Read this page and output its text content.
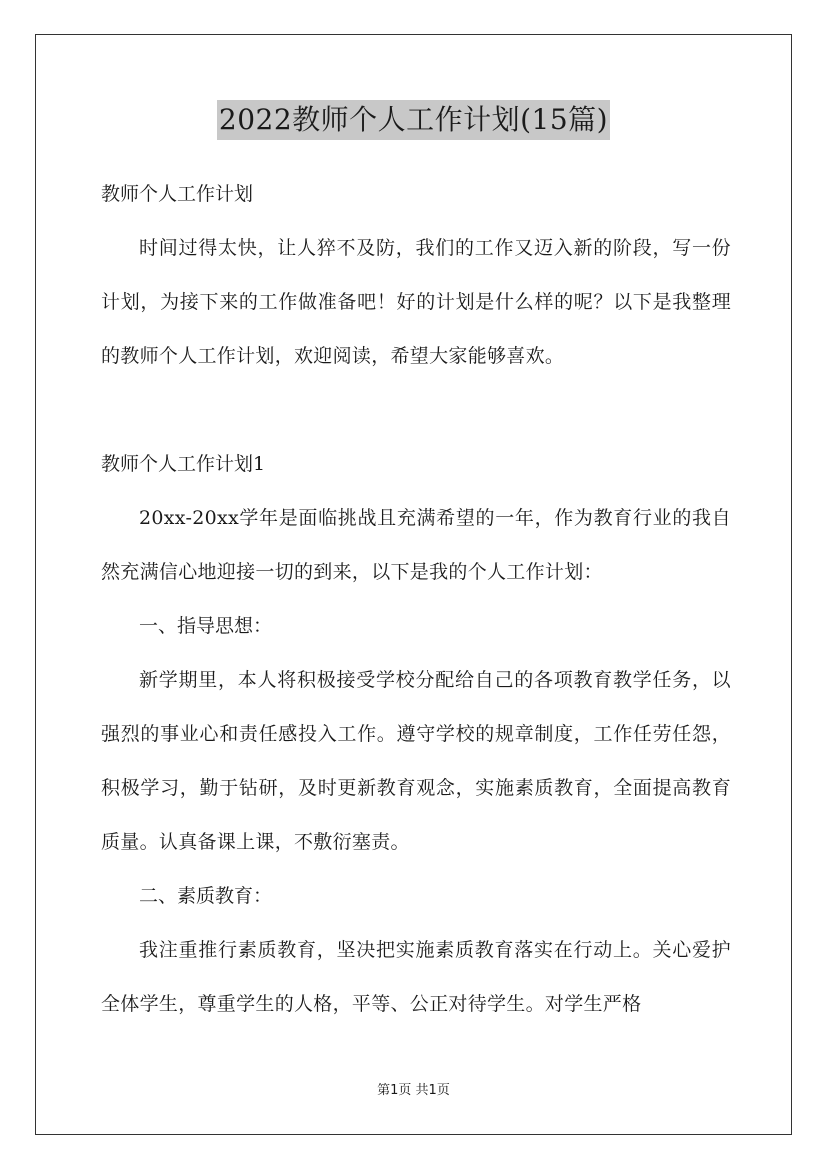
2022教师个人工作计划(15篇)

教师个人工作计划

时间过得太快，让人猝不及防，我们的工作又迈入新的阶段，写一份计划，为接下来的工作做准备吧！好的计划是什么样的呢？以下是我整理的教师个人工作计划，欢迎阅读，希望大家能够喜欢。

教师个人工作计划1

20xx-20xx学年是面临挑战且充满希望的一年，作为教育行业的我自然充满信心地迎接一切的到来，以下是我的个人工作计划：

一、指导思想：

新学期里，本人将积极接受学校分配给自己的各项教育教学任务，以强烈的事业心和责任感投入工作。遵守学校的规章制度，工作任劳任怨，积极学习，勤于钻研，及时更新教育观念，实施素质教育，全面提高教育质量。认真备课上课，不敷衍塞责。

二、素质教育：

我注重推行素质教育，坚决把实施素质教育落实在行动上。关心爱护全体学生，尊重学生的人格，平等、公正对待学生。对学生严格

第1页 共1页
